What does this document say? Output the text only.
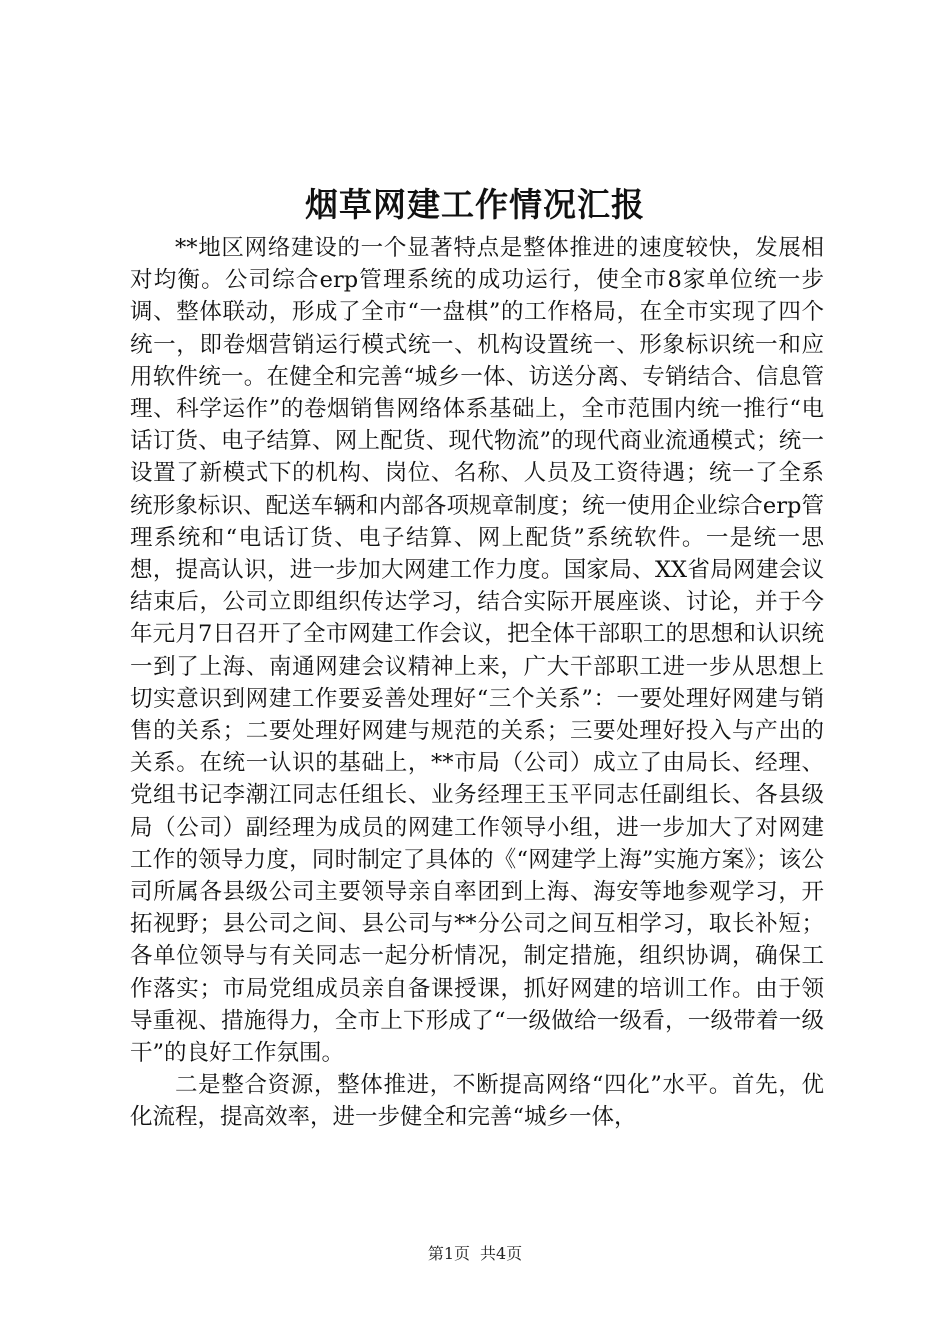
烟草网建工作情况汇报

**地区网络建设的一个显著特点是整体推进的速度较快，发展相对均衡。公司综合erp管理系统的成功运行，使全市8家单位统一步调、整体联动，形成了全市“一盘棋”的工作格局，在全市实现了四个统一，即卷烟营销运行模式统一、机构设置统一、形象标识统一和应用软件统一。在健全和完善“城乡一体、访送分离、专销结合、信息管理、科学运作”的卷烟销售网络体系基础上，全市范围内统一推行“电话订货、电子结算、网上配货、现代物流”的现代商业流通模式；统一设置了新模式下的机构、岗位、名称、人员及工资待遇；统一了全系统形象标识、配送车辆和内部各项规章制度；统一使用企业综合erp管理系统和“电话订货、电子结算、网上配货”系统软件。一是统一思想，提高认识，进一步加大网建工作力度。国家局、XX省局网建会议结束后，公司立即组织传达学习，结合实际开展座谈、讨论，并于今年元月7日召开了全市网建工作会议，把全体干部职工的思想和认识统一到了上海、南通网建会议精神上来，广大干部职工进一步从思想上切实意识到网建工作要妥善处理好“三个关系”：一要处理好网建与销售的关系；二要处理好网建与规范的关系；三要处理好投入与产出的关系。在统一认识的基础上，**市局（公司）成立了由局长、经理、党组书记李潮江同志任组长、业务经理王玉平同志任副组长、各县级局（公司）副经理为成员的网建工作领导小组，进一步加大了对网建工作的领导力度，同时制定了具体的《“网建学上海”实施方案》；该公司所属各县级公司主要领导亲自率团到上海、海安等地参观学习，开拓视野；县公司之间、县公司与**分公司之间互相学习，取长补短；各单位领导与有关同志一起分析情况，制定措施，组织协调，确保工作落实；市局党组成员亲自备课授课，抓好网建的培训工作。由于领导重视、措施得力，全市上下形成了“一级做给一级看，一级带着一级干”的良好工作氛围。

二是整合资源，整体推进，不断提高网络“四化”水平。首先，优化流程，提高效率，进一步健全和完善“城乡一体，

第1页 共4页
